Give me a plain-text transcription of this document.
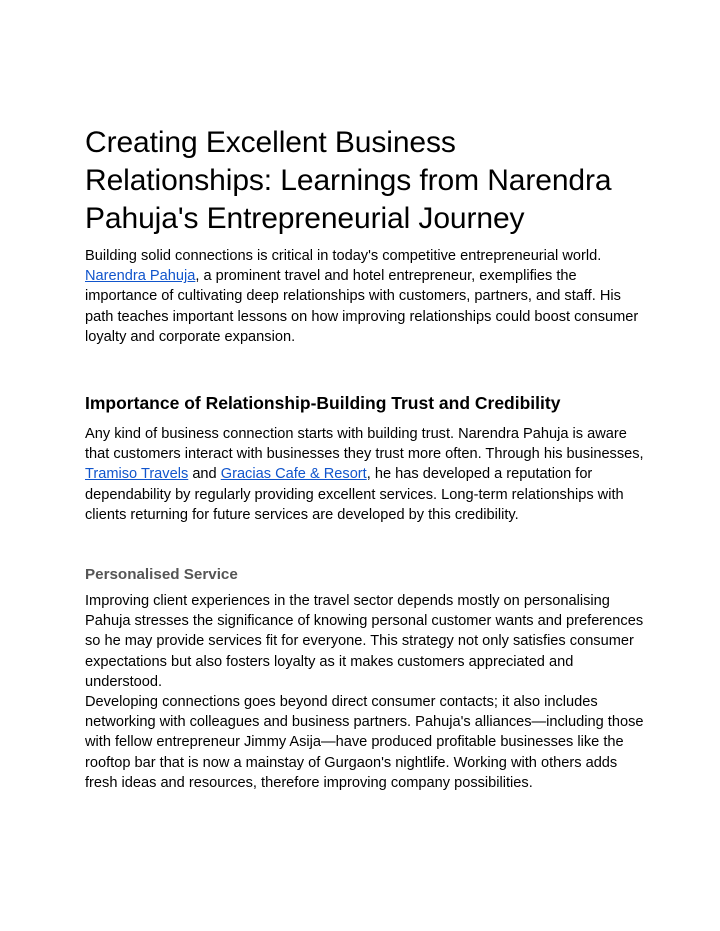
Creating Excellent Business Relationships: Learnings from Narendra Pahuja's Entrepreneurial Journey

Building solid connections is critical in today's competitive entrepreneurial world. Narendra Pahuja, a prominent travel and hotel entrepreneur, exemplifies the importance of cultivating deep relationships with customers, partners, and staff. His path teaches important lessons on how improving relationships could boost consumer loyalty and corporate expansion.

Importance of Relationship-Building Trust and Credibility

Any kind of business connection starts with building trust. Narendra Pahuja is aware that customers interact with businesses they trust more often. Through his businesses, Tramiso Travels and Gracias Cafe & Resort, he has developed a reputation for dependability by regularly providing excellent services. Long-term relationships with clients returning for future services are developed by this credibility.

Personalised Service

Improving client experiences in the travel sector depends mostly on personalising Pahuja stresses the significance of knowing personal customer wants and preferences so he may provide services fit for everyone. This strategy not only satisfies consumer expectations but also fosters loyalty as it makes customers appreciated and understood.

Developing connections goes beyond direct consumer contacts; it also includes networking with colleagues and business partners. Pahuja's alliances—including those with fellow entrepreneur Jimmy Asija—have produced profitable businesses like the rooftop bar that is now a mainstay of Gurgaon's nightlife. Working with others adds fresh ideas and resources, therefore improving company possibilities.
